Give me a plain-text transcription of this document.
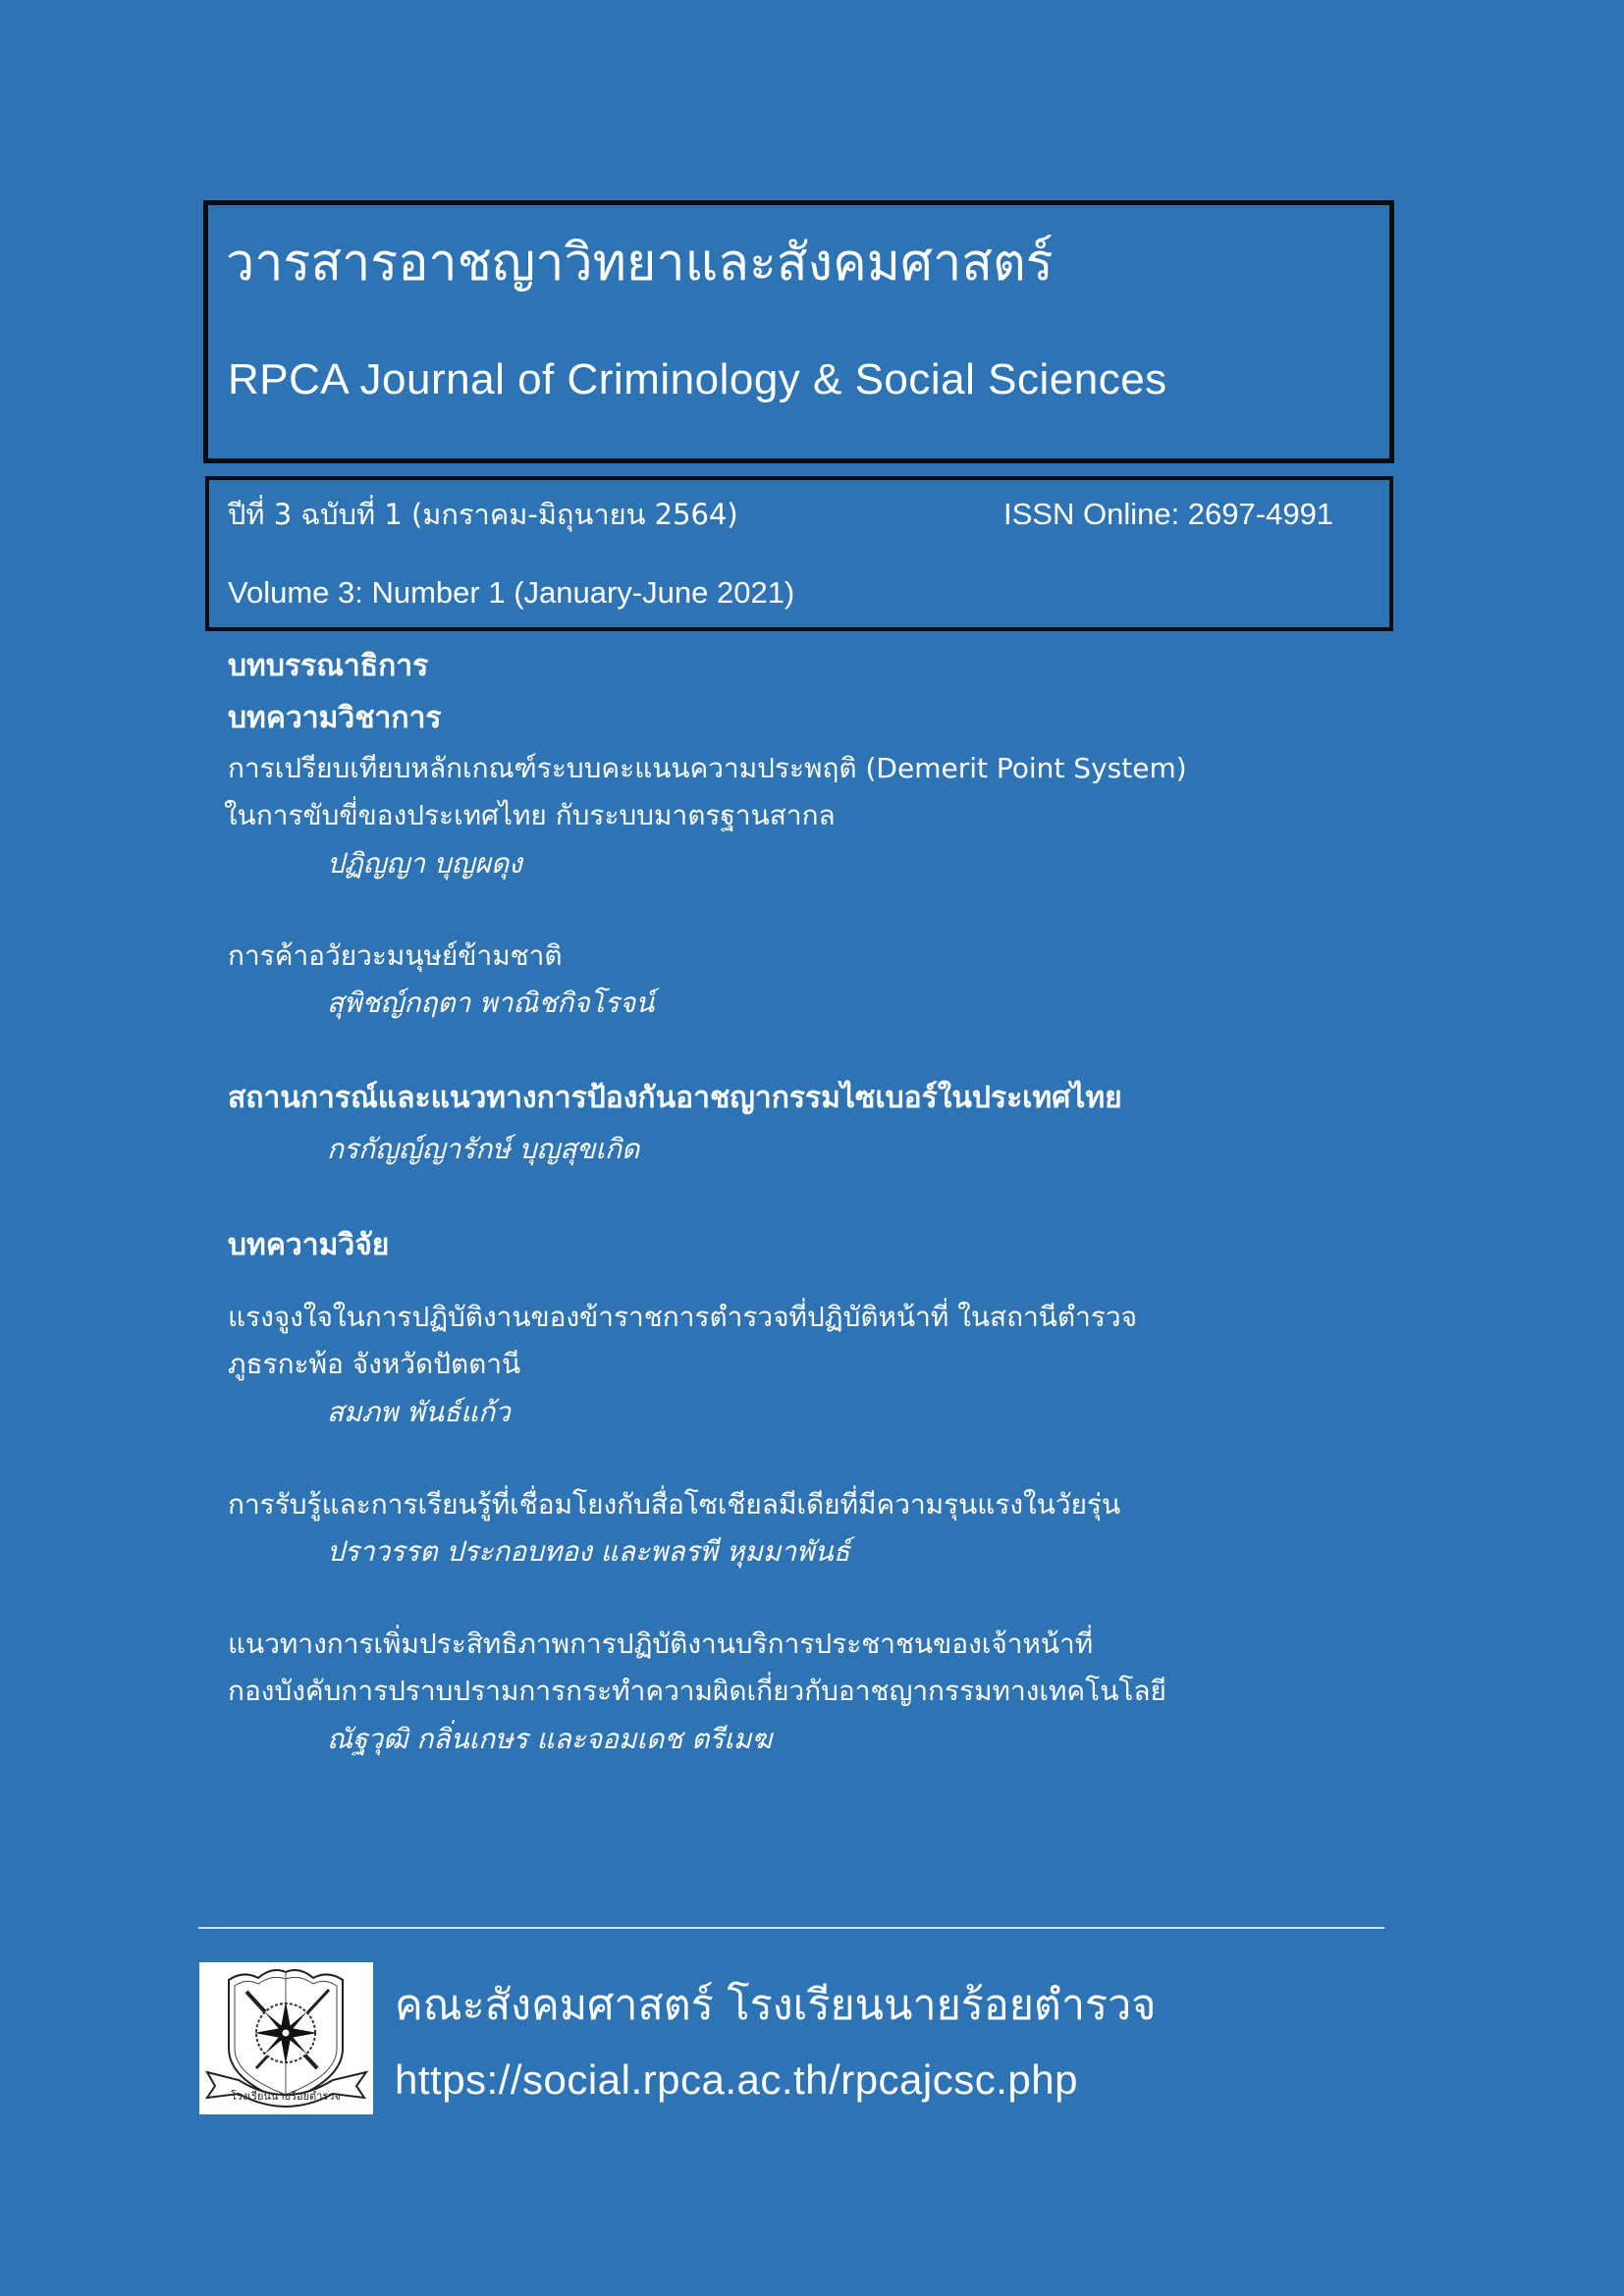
วารสารอาชญาวิทยาและสังคมศาสตร์
RPCA Journal of Criminology & Social Sciences
ปีที่ 3 ฉบับที่ 1 (มกราคม-มิถุนายน 2564)	ISSN Online: 2697-4991
Volume 3: Number 1 (January-June 2021)
บทบรรณาธิการ
บทความวิชาการ
การเปรียบเทียบหลักเกณฑ์ระบบคะแนนความประพฤติ (Demerit Point System)
ในการขับขี่ของประเทศไทย กับระบบมาตรฐานสากล
ปฏิญญา บุญผดุง
การค้าอวัยวะมนุษย์ข้ามชาติ
สุพิชญ์กฤตา พาณิชกิจโรจน์
สถานการณ์และแนวทางการป้องกันอาชญากรรมไซเบอร์ในประเทศไทย
กรกัญญ์ญารักษ์ บุญสุขเกิด
บทความวิจัย
แรงจูงใจในการปฏิบัติงานของข้าราชการตำรวจที่ปฏิบัติหน้าที่ ในสถานีตำรวจ
ภูธรกะพ้อ จังหวัดปัตตานี
สมภพ พันธ์แก้ว
การรับรู้และการเรียนรู้ที่เชื่อมโยงกับสื่อโซเชียลมีเดียที่มีความรุนแรงในวัยรุ่น
ปราวรรต ประกอบทอง และพลรพี หุมมาพันธ์
แนวทางการเพิ่มประสิทธิภาพการปฏิบัติงานบริการประชาชนของเจ้าหน้าที่
กองบังคับการปราบปรามการกระทำความผิดเกี่ยวกับอาชญากรรมทางเทคโนโลยี
ณัฐวุฒิ กลิ่นเกษร และจอมเดช ตรีเมฆ
โรงเรียนนายร้อยตำรวจ
คณะสังคมศาสตร์ โรงเรียนนายร้อยตำรวจ
https://social.rpca.ac.th/rpcajcsc.php
